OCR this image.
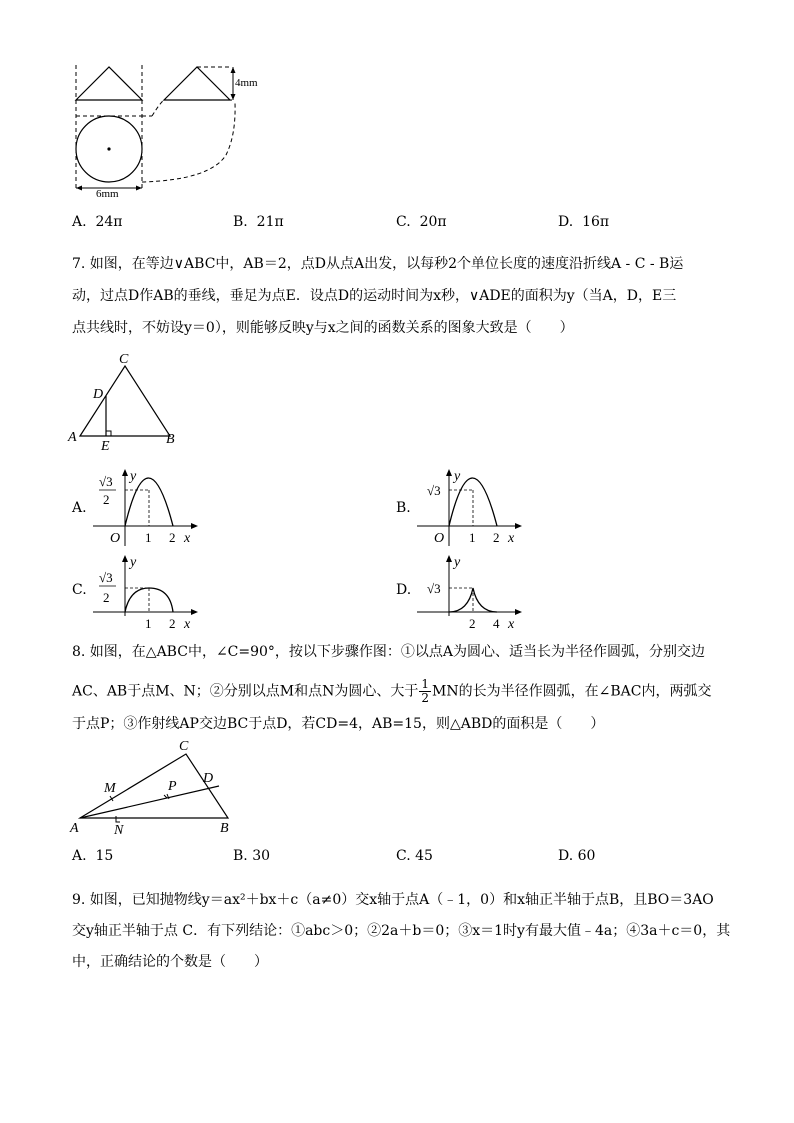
4mm
6mm
A. 24π	B. 21π	C. 20π	D. 16π
7. 如图，在等边∨ABC中，AB＝2，点D从点A出发，以每秒2个单位长度的速度沿折线A - C - B运
动，过点D作AB的垂线，垂足为点E．设点D的运动时间为x秒，∨ADE的面积为y（当A，D，E三
点共线时，不妨设y＝0），则能够反映y与x之间的函数关系的图象大致是（　　）
C
D
A
E	B
A.
√3
2
y
O 1 2 x
B.
√3
y
O 1 2 x
C.
√3
2
y
1 2 x
D. √3
y
2 4 x
8. 如图，在△ABC中，∠C=90°，按以下步骤作图：①以点A为圆心、适当长为半径作圆弧，分别交边
AC、AB于点M、N；②分别以点M和点N为圆心、大于 $\frac{1}{2}$ MN的长为半径作圆弧，在∠BAC内，两弧交
于点P；③作射线AP交边BC于点D，若CD=4，AB=15，则△ABD的面积是（　　）
C
M	P
D
A	N	B
A. 15	B. 30	C. 45	D. 60
9. 如图，已知抛物线y＝ax²＋bx＋c（a≠0）交x轴于点A（﹣1，0）和x轴正半轴于点B，且BO＝3AO
交y轴正半轴于点 C．有下列结论：①abc＞0；②2a＋b＝0；③x＝1时y有最大值﹣4a；④3a＋c＝0，其
中，正确结论的个数是（　　）
